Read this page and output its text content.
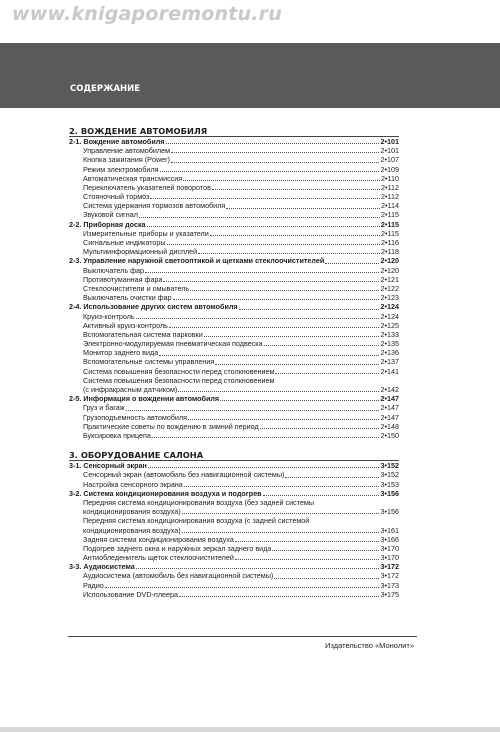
www.knigaporemontu.ru
СОДЕРЖАНИЕ
2. ВОЖДЕНИЕ АВТОМОБИЛЯ
2-1. Вождение автомобиля	2•101
Управление автомобилем	2•101
Кнопка зажигания (Power)	2•107
Режим электромобиля	2•109
Автоматическая трансмиссия	2•110
Переключатель указателей поворотов	2•112
Стояночный тормоз	2•112
Система удержания тормозов автомобиля	2•114
Звуковой сигнал	2•115
2-2. Приборная доска	2•115
Измерительные приборы и указатели	2•115
Сигнальные индикаторы	2•116
Мультиинформационный дисплей	2•118
2-3. Управление наружной светооптикой и щетками стеклоочистителей	2•120
Выключатель фар	2•120
Противотуманная фара	2•121
Стеклоочистители и омыватель	2•122
Выключатель очистки фар	2•123
2-4. Использование других систем автомобиля	2•124
Круиз-контроль	2•124
Активный круиз-контроль	2•125
Вспомогательная система парковки	2•133
Электронно-модулируемая пневматическая подвеска	2•135
Монитор заднего вида	2•136
Вспомогательные системы управления	2•137
Система повышения безопасности перед столкновением	2•141
Система повышения безопасности перед столкновением
(с инфракрасным датчиком)	2•142
2-5. Информация о вождении автомобиля	2•147
Груз и багаж	2•147
Грузоподъемность автомобиля	2•147
Практические советы по вождению в зимний период	2•148
Буксировка прицепа	2•150
3. ОБОРУДОВАНИЕ САЛОНА
3-1. Сенсорный экран	3•152
Сенсорный экран (автомобиль без навигационной системы)	3•152
Настройка сенсорного экрана	3•153
3-2. Система кондиционирования воздуха и подогрев	3•156
Передняя система кондиционирования воздуха (без задней системы
кондиционирования воздуха)	3•156
Передняя система кондиционирования воздуха (с задней системой
кондиционирования воздуха)	3•161
Задняя система кондиционирования воздуха	3•166
Подогрев заднего окна и наружных зеркал заднего вида	3•170
Антиобледенитель щеток стеклоочистителей	3•170
3-3. Аудиосистема	3•172
Аудиосистема (автомобиль без навигационной системы)	3•172
Радио	3•173
Использование DVD-плеера	3•175
Издательство «Монолит»
